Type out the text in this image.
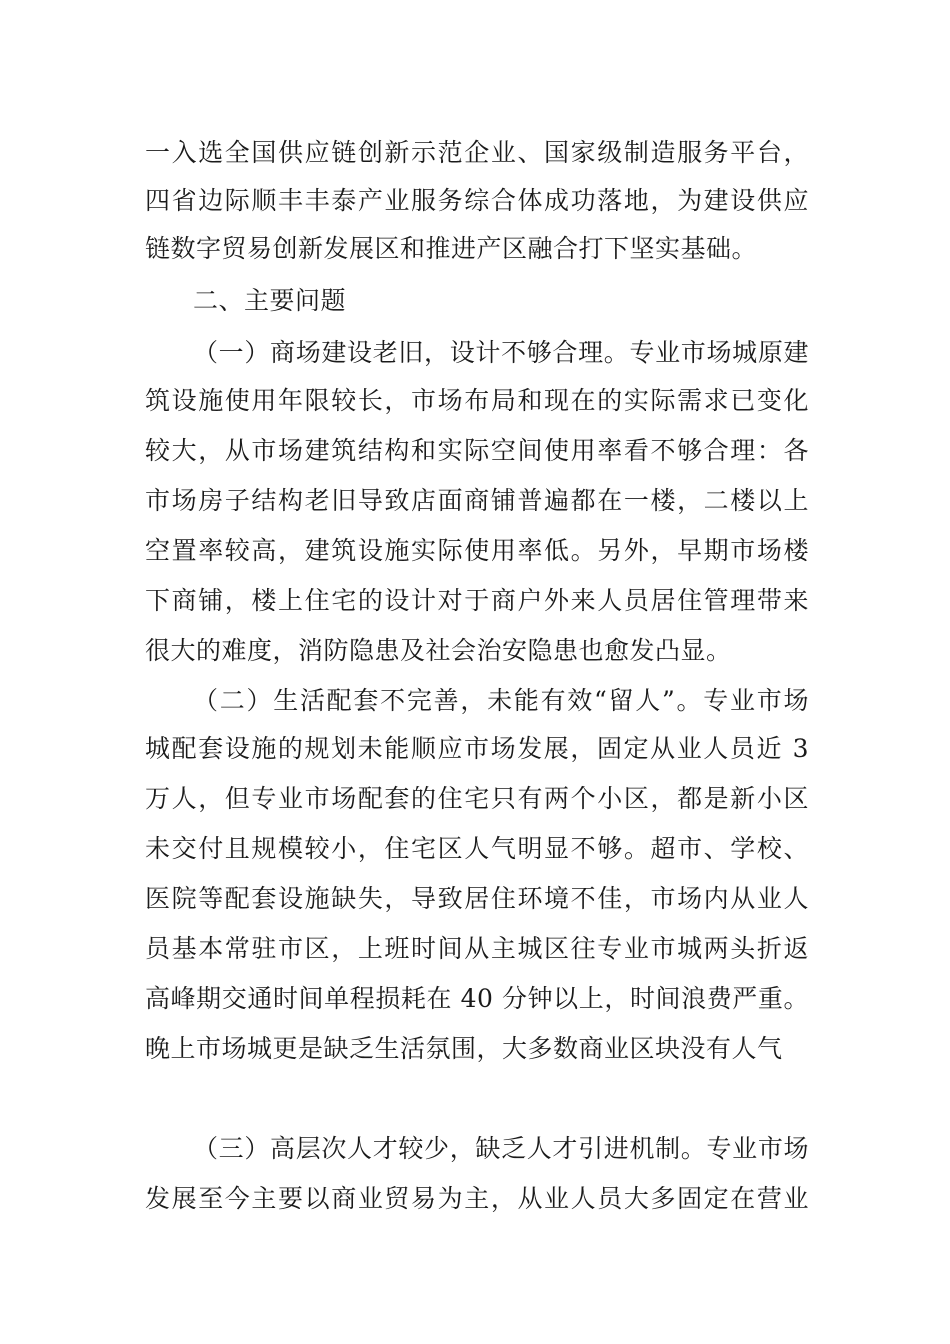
一入选全国供应链创新示范企业、国家级制造服务平台，
四省边际顺丰丰泰产业服务综合体成功落地，为建设供应
链数字贸易创新发展区和推进产区融合打下坚实基础。
二、主要问题
（一）商场建设老旧，设计不够合理。专业市场城原建
筑设施使用年限较长，市场布局和现在的实际需求已变化
较大，从市场建筑结构和实际空间使用率看不够合理：各
市场房子结构老旧导致店面商铺普遍都在一楼，二楼以上
空置率较高，建筑设施实际使用率低。另外，早期市场楼
下商铺，楼上住宅的设计对于商户外来人员居住管理带来
很大的难度，消防隐患及社会治安隐患也愈发凸显。
（二）生活配套不完善，未能有效“留人”。专业市场
城配套设施的规划未能顺应市场发展，固定从业人员近 3
万人，但专业市场配套的住宅只有两个小区，都是新小区
未交付且规模较小，住宅区人气明显不够。超市、学校、
医院等配套设施缺失，导致居住环境不佳，市场内从业人
员基本常驻市区，上班时间从主城区往专业市城两头折返
高峰期交通时间单程损耗在 40 分钟以上，时间浪费严重。
晚上市场城更是缺乏生活氛围，大多数商业区块没有人气
（三）高层次人才较少，缺乏人才引进机制。专业市场
发展至今主要以商业贸易为主，从业人员大多固定在营业
